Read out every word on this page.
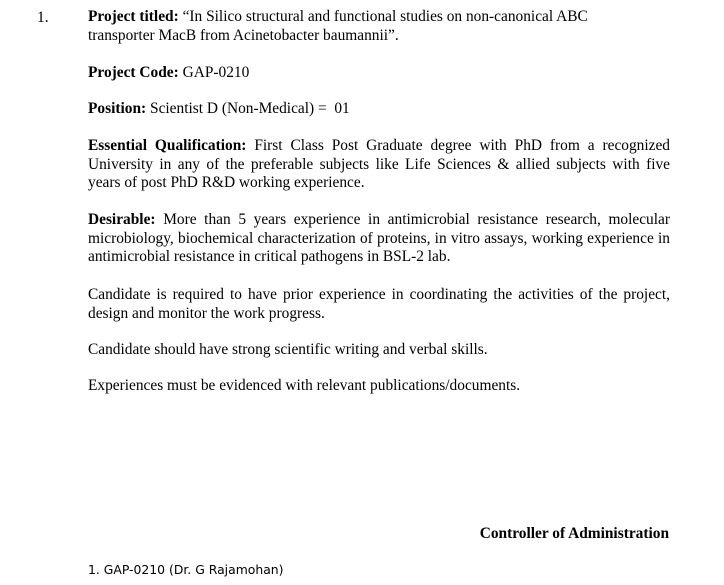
1.	Project titled: “In Silico structural and functional studies on non-canonical ABC
transporter MacB from Acinetobacter baumannii”.
Project Code: GAP-0210
Position: Scientist D (Non-Medical) =  01
Essential Qualification: First Class Post Graduate degree with PhD from a recognized University in any of the preferable subjects like Life Sciences & allied subjects with five years of post PhD R&D working experience.
Desirable: More than 5 years experience in antimicrobial resistance research, molecular microbiology, biochemical characterization of proteins, in vitro assays, working experience in antimicrobial resistance in critical pathogens in BSL-2 lab.
Candidate is required to have prior experience in coordinating the activities of the project, design and monitor the work progress.
Candidate should have strong scientific writing and verbal skills.
Experiences must be evidenced with relevant publications/documents.
Controller of Administration
1. GAP-0210 (Dr. G Rajamohan)
